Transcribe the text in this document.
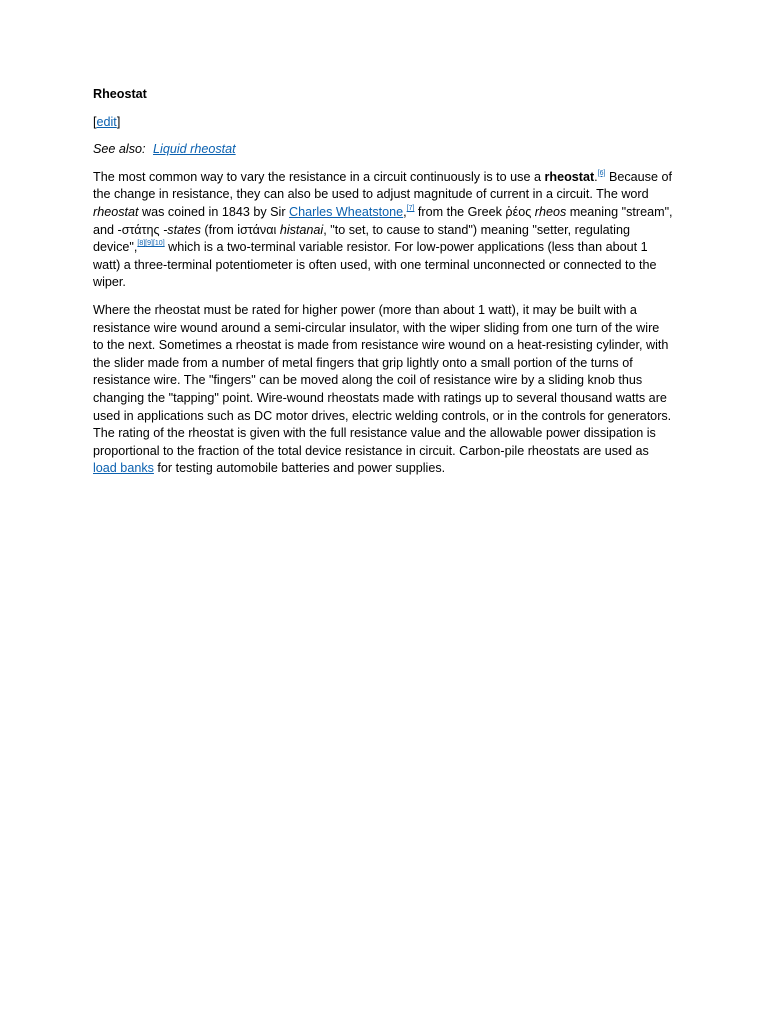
Rheostat
[edit]
See also: Liquid rheostat

The most common way to vary the resistance in a circuit continuously is to use a rheostat.[6] Because of the change in resistance, they can also be used to adjust magnitude of current in a circuit. The word rheostat was coined in 1843 by Sir Charles Wheatstone,[7] from the Greek ῥέος rheos meaning "stream", and -στάτης -states (from ἱστάναι histanai, "to set, to cause to stand") meaning "setter, regulating device",[8][9][10] which is a two-terminal variable resistor. For low-power applications (less than about 1 watt) a three-terminal potentiometer is often used, with one terminal unconnected or connected to the wiper.

Where the rheostat must be rated for higher power (more than about 1 watt), it may be built with a resistance wire wound around a semi-circular insulator, with the wiper sliding from one turn of the wire to the next. Sometimes a rheostat is made from resistance wire wound on a heat-resisting cylinder, with the slider made from a number of metal fingers that grip lightly onto a small portion of the turns of resistance wire. The "fingers" can be moved along the coil of resistance wire by a sliding knob thus changing the "tapping" point. Wire-wound rheostats made with ratings up to several thousand watts are used in applications such as DC motor drives, electric welding controls, or in the controls for generators. The rating of the rheostat is given with the full resistance value and the allowable power dissipation is proportional to the fraction of the total device resistance in circuit. Carbon-pile rheostats are used as load banks for testing automobile batteries and power supplies.
